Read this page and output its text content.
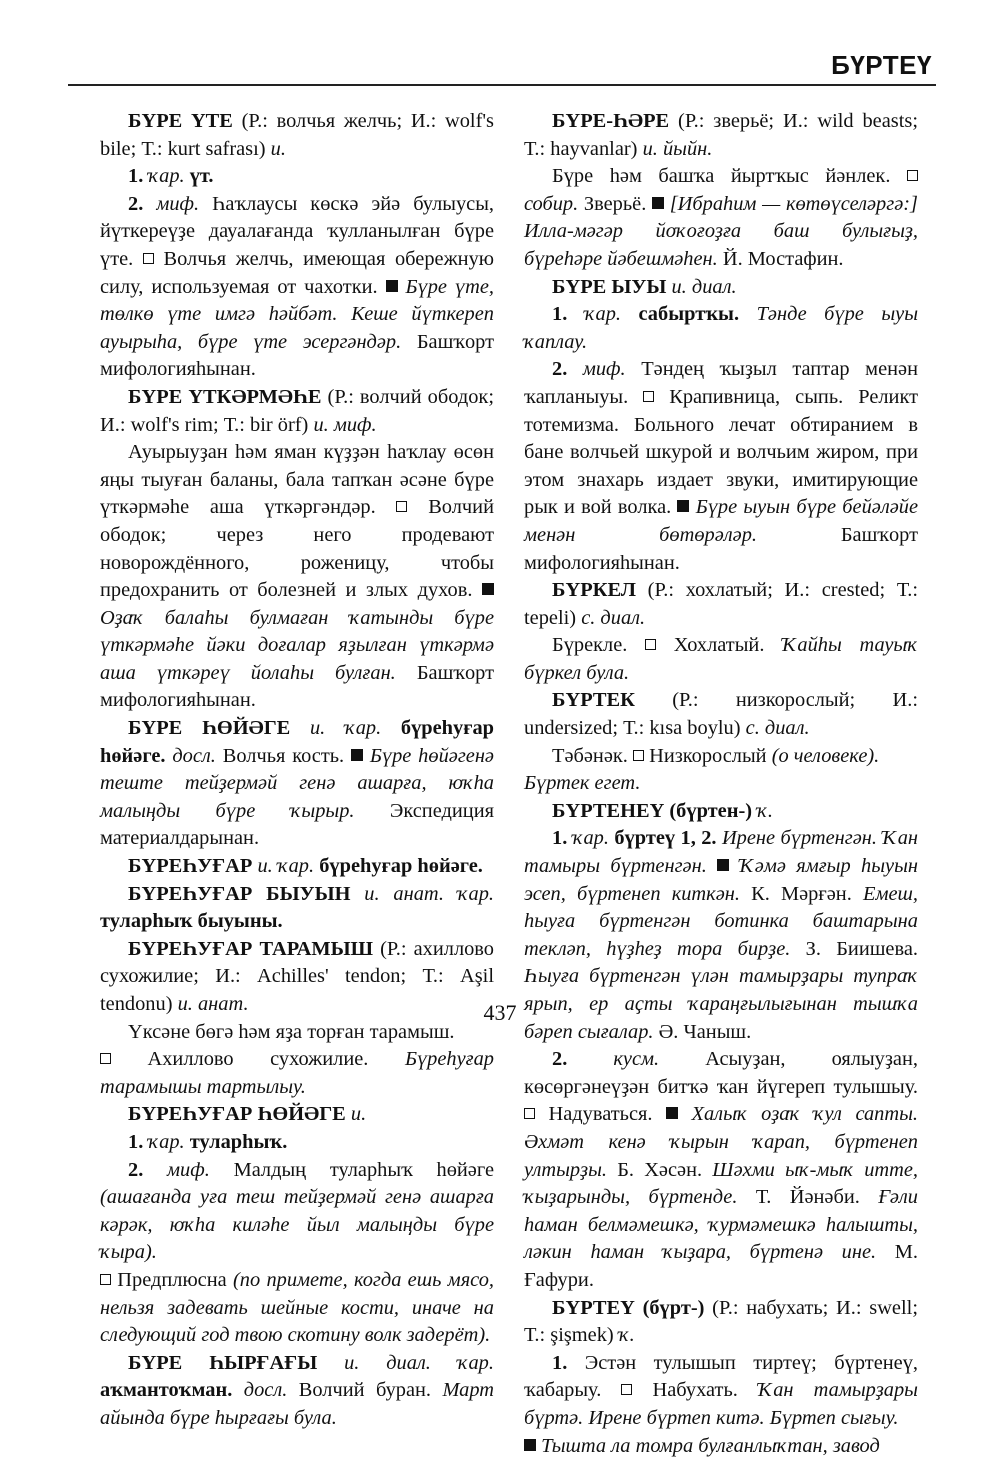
БҮРТЕҮ

БҮРЕ ҮТЕ (Р.: волчья желчь; И.: wolf's bile; Т.: kurt safrası) и.

1. ҡар. үт.

2. миф. Һаҡлаусы көскә эйә булыусы, йүткереүҙе дауалағанда ҡулланылған бүре үте.  Волчья желчь, имеющая обережную силу, используемая от чахотки.  Бүре үте, төлкө үте имгә һәйбәт. Кеше йүткереп ауырыһа, бүре үте эсергәндәр. Башҡорт мифологияһынан.

БҮРЕ ҮТКӘРМӘҺЕ (Р.: волчий ободок; И.: wolf's rim; Т.: bir örf) и. миф.

Ауырыуҙан һәм яман күҙҙән һаҡлау өсөн яңы тыуған баланы, бала тапҡан әсәне бүре үткәрмәһе аша үткәргәндәр.  Волчий ободок; через него продевают новорождённого, роженицу, чтобы предохранить от болезней и злых духов.  Оҙаҡ балаһы булмаған ҡатынды бүре үткәрмәһе йәки доғалар яҙылған үткәрмә аша үткәреү йолаһы булған. Башҡорт мифологияһынан.

БҮРЕ ҺӨЙӘГЕ и. ҡар. бүреһуғар һөйәге. досл. Волчья кость.  Бүре һөйәгенә теште тейҙермәй генә ашарға, юҡһа малыңды бүре ҡырыр. Экспедиция материалдарынан.

БҮРЕҺУҒАР и. ҡар. бүреһуғар һөйәге.

БҮРЕҺУҒАР БЫУЫН и. анат. ҡар. туларһыҡ быуыны.

БҮРЕҺУҒАР ТАРАМЫШ (Р.: ахиллово сухожилие; И.: Achilles' tendon; Т.: Aşil tendonu) и. анат.

Үксәне бөгә һәм яҙа торған тарамыш.

Ахиллово сухожилие. Бүреһуғар тарамышы тартылыу.

БҮРЕҺУҒАР ҺӨЙӘГЕ и.

1. ҡар. туларһыҡ.

2. миф. Малдың туларһыҡ һөйәге (ашағанда уға теш тейҙермәй генә ашарға кәрәк, юҡһа киләһе йыл малыңды бүре ҡыра).

Предплюсна (по примете, когда ешь мясо, нельзя задевать шейные кости, иначе на следующий год твою скотину волк задерёт).

БҮРЕ ҺЫРҒАҒЫ и. диал. ҡар. аҡмантоҡман. досл. Волчий буран. Март айында бүре һырғағы була.

БҮРЕ-ҺӘРЕ (Р.: зверьё; И.: wild beasts; Т.: hayvanlar) и. йыйн.

Бүре һәм башҡа йыртҡыс йәнлек.  собир. Зверьё.  [Ибраһим — көтөүселәргә:] Илла-мәгәр йоҡоғоҙға баш булығыҙ, бүреһәре йәбешмәһен. Й. Мостафин.

БҮРЕ ЫУЫ и. диал.

1. ҡар. сабыртҡы. Тәнде бүре ыуы ҡаплау.

2. миф. Тәндең ҡыҙыл таптар менән ҡапланыуы.  Крапивница, сыпь. Реликт тотемизма. Больного лечат обтиранием в бане волчьей шкурой и волчьим жиром, при этом знахарь издает звуки, имитирующие рык и вой волка.  Бүре ыуын бүре бейәләйе менән бөтөрәләр. Башҡорт мифологияһынан.

БҮРКЕЛ (Р.: хохлатый; И.: crested; Т.: tepeli) с. диал.

Бүрекле.  Хохлатый. Ҡайһы тауыҡ бүркел була.

БҮРТЕК (Р.: низкорослый; И.: undersized; Т.: kısa boylu) с. диал.

Тәбәнәк.  Низкорослый (о человеке).

Бүртек егет.

БҮРТЕНЕҮ (бүртен-) ҡ.

1. ҡар. бүртеү 1, 2. Ирене бүртенгән. Ҡан тамыры бүртенгән.  Ҡәмә ямғыр һыуын эсеп, бүртенеп киткән. К. Мәрғән. Емеш, һыуға бүртенгән ботинка баштарына текләп, һүҙһеҙ тора бирҙе. З. Биишева. Һыуға бүртенгән үлән тамырҙары тупраҡ ярып, ер аҫты ҡараңғылығынан тышҡа бәреп сығалар. Ә. Чаныш.

2. кусм. Асыуҙан, оялыуҙан, көсөргәнеүҙән битҡә ҡан йүгереп тулышыу.  Надуваться.  Халыҡ оҙаҡ ҡул сапты. Әхмәт кенә ҡырын ҡарап, бүртенеп ултырҙы. Б. Хәсән. Шәхми ыҡ-мыҡ итте, ҡыҙарынды, бүртенде. Т. Йәнәби. Ғәли һаман белмәмешкә, ҡурмәмешкә һалышты, ләкин һаман ҡыҙара, бүртенә ине. М. Ғафури.

БҮРТЕҮ (бүрт-) (Р.: набухать; И.: swell; Т.: şişmek) ҡ.

1. Эстән тулышып тиртеү; бүртенеү, ҡабарыу.  Набухать. Ҡан тамырҙары бүртә. Иренe бүртеп китә. Бүртеп сығыу.

Тышта ла томра булғанлыҡтан, завод

437
